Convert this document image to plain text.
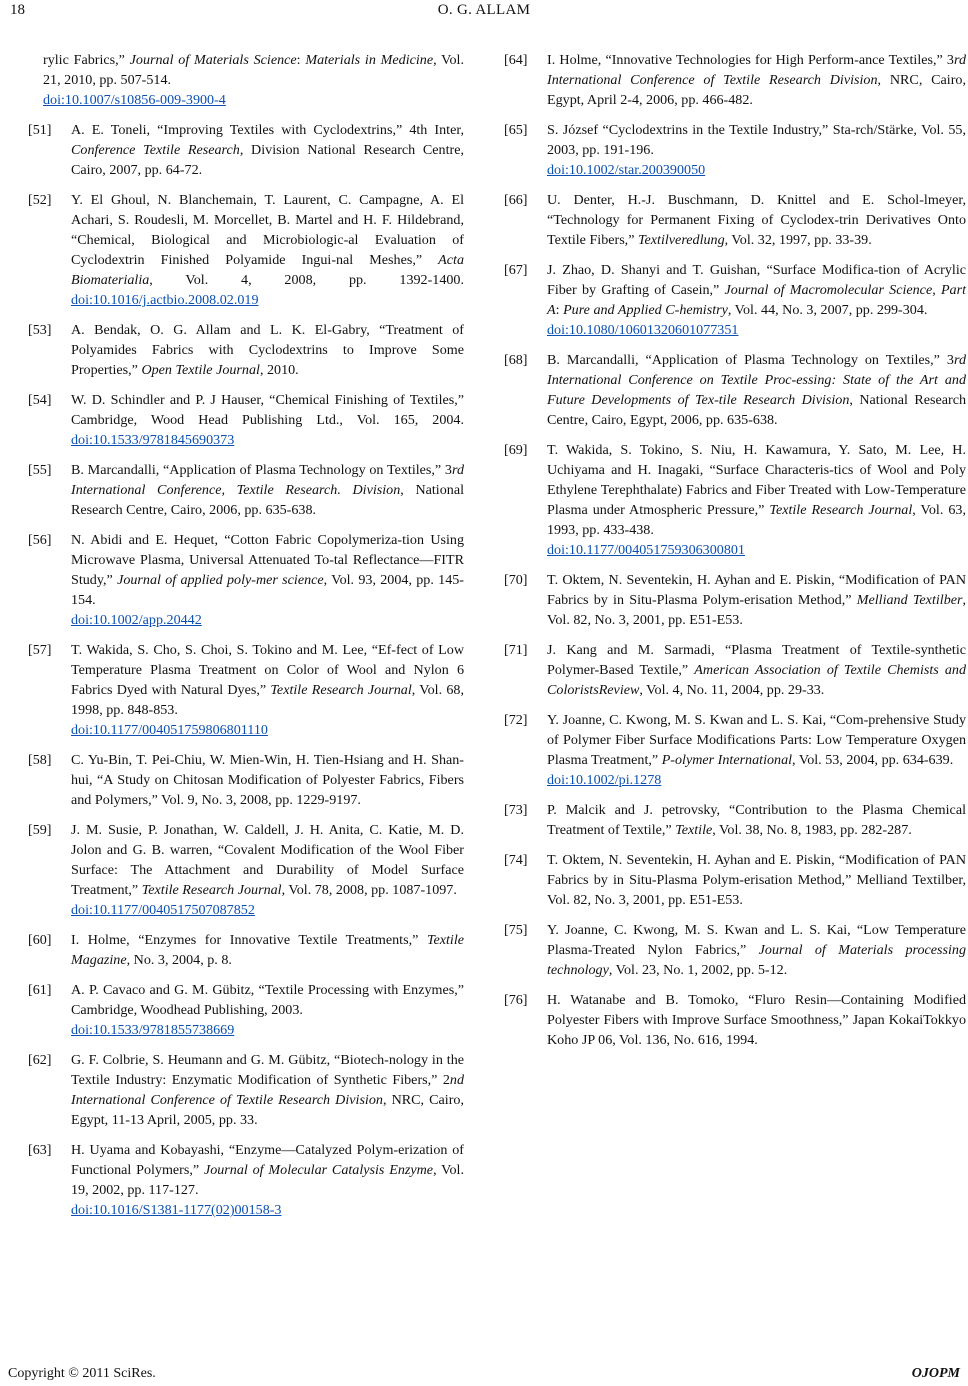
18	O. G. ALLAM
rylic Fabrics,” Journal of Materials Science: Materials in Medicine, Vol. 21, 2010, pp. 507-514.
doi:10.1007/s10856-009-3900-4
[51] A. E. Toneli, “Improving Textiles with Cyclodextrins,” 4th Inter, Conference Textile Research, Division National Research Centre, Cairo, 2007, pp. 64-72.
[52] Y. El Ghoul, N. Blanchemain, T. Laurent, C. Campagne, A. El Achari, S. Roudesli, M. Morcellet, B. Martel and H. F. Hildebrand, “Chemical, Biological and Microbiologic-al Evaluation of Cyclodextrin Finished Polyamide Ingui-nal Meshes,” Acta Biomaterialia, Vol. 4, 2008, pp. 1392-1400. doi:10.1016/j.actbio.2008.02.019
[53] A. Bendak, O. G. Allam and L. K. El-Gabry, “Treatment of Polyamides Fabrics with Cyclodextrins to Improve Some Properties,” Open Textile Journal, 2010.
[54] W. D. Schindler and P. J Hauser, “Chemical Finishing of Textiles,” Cambridge, Wood Head Publishing Ltd., Vol. 165, 2004. doi:10.1533/9781845690373
[55] B. Marcandalli, “Application of Plasma Technology on Textiles,” 3rd International Conference, Textile Research. Division, National Research Centre, Cairo, 2006, pp. 635-638.
[56] N. Abidi and E. Hequet, “Cotton Fabric Copolymeriza-tion Using Microwave Plasma, Universal Attenuated To-tal Reflectance—FITR Study,” Journal of applied poly-mer science, Vol. 93, 2004, pp. 145-154.
doi:10.1002/app.20442
[57] T. Wakida, S. Cho, S. Choi, S. Tokino and M. Lee, “Ef-fect of Low Temperature Plasma Treatment on Color of Wool and Nylon 6 Fabrics Dyed with Natural Dyes,” Textile Research Journal, Vol. 68, 1998, pp. 848-853.
doi:10.1177/004051759806801110
[58] C. Yu-Bin, T. Pei-Chiu, W. Mien-Win, H. Tien-Hsiang and H. Shan-hui, “A Study on Chitosan Modification of Polyester Fabrics, Fibers and Polymers,” Vol. 9, No. 3, 2008, pp. 1229-9197.
[59] J. M. Susie, P. Jonathan, W. Caldell, J. H. Anita, C. Katie, M. D. Jolon and G. B. warren, “Covalent Modification of the Wool Fiber Surface: The Attachment and Durability of Model Surface Treatment,” Textile Research Journal, Vol. 78, 2008, pp. 1087-1097.
doi:10.1177/0040517507087852
[60] I. Holme, “Enzymes for Innovative Textile Treatments,” Textile Magazine, No. 3, 2004, p. 8.
[61] A. P. Cavaco and G. M. Gübitz, “Textile Processing with Enzymes,” Cambridge, Woodhead Publishing, 2003.
doi:10.1533/9781855738669
[62] G. F. Colbrie, S. Heumann and G. M. Gübitz, “Biotech-nology in the Textile Industry: Enzymatic Modification of Synthetic Fibers,” 2nd International Conference of Textile Research Division, NRC, Cairo, Egypt, 11-13 April, 2005, pp. 33.
[63] H. Uyama and Kobayashi, “Enzyme—Catalyzed Polym-erization of Functional Polymers,” Journal of Molecular Catalysis Enzyme, Vol. 19, 2002, pp. 117-127.
doi:10.1016/S1381-1177(02)00158-3
[64] I. Holme, “Innovative Technologies for High Perform-ance Textiles,” 3rd International Conference of Textile Research Division, NRC, Cairo, Egypt, April 2-4, 2006, pp. 466-482.
[65] S. József “Cyclodextrins in the Textile Industry,” Sta-rch/Stärke, Vol. 55, 2003, pp. 191-196.
doi:10.1002/star.200390050
[66] U. Denter, H.-J. Buschmann, D. Knittel and E. Schol-lmeyer, “Technology for Permanent Fixing of Cyclodex-trin Derivatives Onto Textile Fibers,” Textilveredlung, Vol. 32, 1997, pp. 33-39.
[67] J. Zhao, D. Shanyi and T. Guishan, “Surface Modifica-tion of Acrylic Fiber by Grafting of Casein,” Journal of Macromolecular Science, Part A: Pure and Applied C-hemistry, Vol. 44, No. 3, 2007, pp. 299-304.
doi:10.1080/10601320601077351
[68] B. Marcandalli, “Application of Plasma Technology on Textiles,” 3rd International Conference on Textile Proc-essing: State of the Art and Future Developments of Tex-tile Research Division, National Research Centre, Cairo, Egypt, 2006, pp. 635-638.
[69] T. Wakida, S. Tokino, S. Niu, H. Kawamura, Y. Sato, M. Lee, H. Uchiyama and H. Inagaki, “Surface Characteris-tics of Wool and Poly Ethylene Terephthalate) Fabrics and Fiber Treated with Low-Temperature Plasma under Atmospheric Pressure,” Textile Research Journal, Vol. 63, 1993, pp. 433-438.
doi:10.1177/004051759306300801
[70] T. Oktem, N. Seventekin, H. Ayhan and E. Piskin, “Modification of PAN Fabrics by in Situ-Plasma Polym-erisation Method,” Melliand Textilber, Vol. 82, No. 3, 2001, pp. E51-E53.
[71] J. Kang and M. Sarmadi, “Plasma Treatment of Textile-synthetic Polymer-Based Textile,” American Association of Textile Chemists and ColoristsReview, Vol. 4, No. 11, 2004, pp. 29-33.
[72] Y. Joanne, C. Kwong, M. S. Kwan and L. S. Kai, “Com-prehensive Study of Polymer Fiber Surface Modifications Parts: Low Temperature Oxygen Plasma Treatment,” P-olymer International, Vol. 53, 2004, pp. 634-639.
doi:10.1002/pi.1278
[73] P. Malcik and J. petrovsky, “Contribution to the Plasma Chemical Treatment of Textile,” Textile, Vol. 38, No. 8, 1983, pp. 282-287.
[74] T. Oktem, N. Seventekin, H. Ayhan and E. Piskin, “Modification of PAN Fabrics by in Situ-Plasma Polym-erisation Method,” Melliand Textilber, Vol. 82, No. 3, 2001, pp. E51-E53.
[75] Y. Joanne, C. Kwong, M. S. Kwan and L. S. Kai, “Low Temperature Plasma-Treated Nylon Fabrics,” Journal of Materials processing technology, Vol. 23, No. 1, 2002, pp. 5-12.
[76] H. Watanabe and B. Tomoko, “Fluro Resin—Containing Modified Polyester Fibers with Improve Surface Smoothness,” Japan KokaiTokkyo Koho JP 06, Vol. 136, No. 616, 1994.
Copyright © 2011 SciRes.	OJOPM
